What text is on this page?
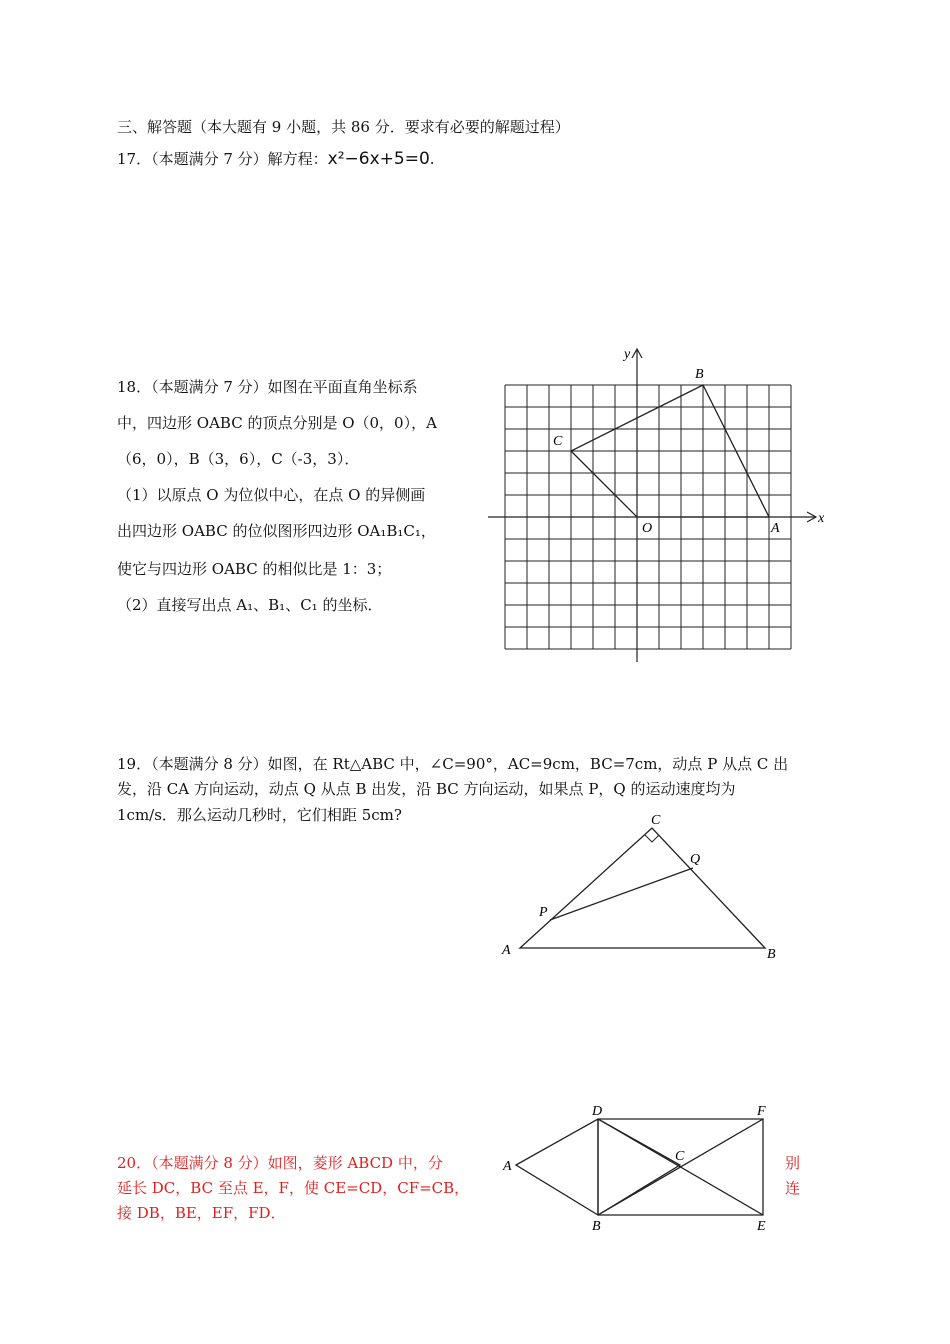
三、解答题（本大题有 9 小题，共 86 分．要求有必要的解题过程）
17．（本题满分 7 分）解方程：x²−6x+5=0.
18．（本题满分 7 分）如图在平面直角坐标系
中，四边形 OABC 的顶点分别是 O（0，0），A
（6，0），B（3，6），C（-3，3）．
（1）以原点 O 为位似中心，在点 O 的异侧画
出四边形 OABC 的位似图形四边形 OA₁B₁C₁，
使它与四边形 OABC 的相似比是 1：3；
（2）直接写出点 A₁、B₁、C₁ 的坐标．
x
y
O	A
B
C
19．（本题满分 8 分）如图，在 Rt△ABC 中，∠C=90°，AC=9cm，BC=7cm，动点 P 从点 C 出
发，沿 CA 方向运动，动点 Q 从点 B 出发，沿 BC 方向运动，如果点 P，Q 的运动速度均为
1cm/s．那么运动几秒时，它们相距 5cm?
A	B
C
P
Q
20．（本题满分 8 分）如图，菱形 ABCD 中，分
延长 DC，BC 至点 E，F，使 CE=CD，CF=CB，
接 DB，BE，EF，FD．
别
连
A
B
C
D
E
F
